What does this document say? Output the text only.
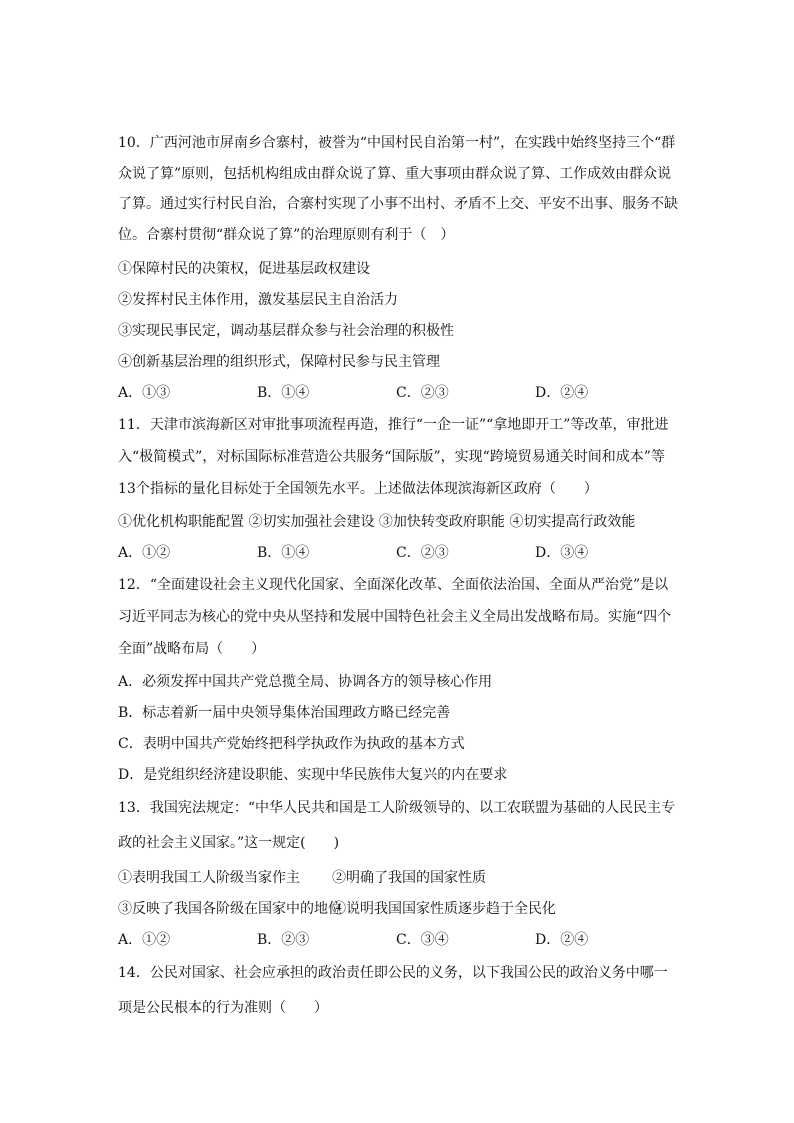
10．广西河池市屏南乡合寨村，被誉为“中国村民自治第一村”，在实践中始终坚持三个“群众说了算”原则，包括机构组成由群众说了算、重大事项由群众说了算、工作成效由群众说了算。通过实行村民自治，合寨村实现了小事不出村、矛盾不上交、平安不出事、服务不缺位。合寨村贯彻“群众说了算”的治理原则有利于（　）

①保障村民的决策权，促进基层政权建设

②发挥村民主体作用，激发基层民主自治活力

③实现民事民定，调动基层群众参与社会治理的积极性

④创新基层治理的组织形式，保障村民参与民主管理

A．①③	B．①④	C．②③	D．②④

11．天津市滨海新区对审批事项流程再造，推行“一企一证”“拿地即开工”等改革，审批进入“极简模式”，对标国际标准营造公共服务“国际版”，实现“跨境贸易通关时间和成本”等13个指标的量化目标处于全国领先水平。上述做法体现滨海新区政府（　　）

①优化机构职能配置 ②切实加强社会建设 ③加快转变政府职能 ④切实提高行政效能

A．①②	B．①④	C．②③	D．③④

12．“全面建设社会主义现代化国家、全面深化改革、全面依法治国、全面从严治党”是以习近平同志为核心的党中央从坚持和发展中国特色社会主义全局出发战略布局。实施“四个全面”战略布局（　　）

A．必须发挥中国共产党总揽全局、协调各方的领导核心作用

B．标志着新一届中央领导集体治国理政方略已经完善

C．表明中国共产党始终把科学执政作为执政的基本方式

D．是党组织经济建设职能、实现中华民族伟大复兴的内在要求

13．我国宪法规定：“中华人民共和国是工人阶级领导的、以工农联盟为基础的人民民主专政的社会主义国家。”这一规定(　　)

①表明我国工人阶级当家作主	②明确了我国的国家性质
③反映了我国各阶级在国家中的地位
④说明我国国家性质逐步趋于全民化
A．①②	B．②③	C．③④	D．②④

14．公民对国家、社会应承担的政治责任即公民的义务，以下我国公民的政治义务中哪一项是公民根本的行为准则（　　）
